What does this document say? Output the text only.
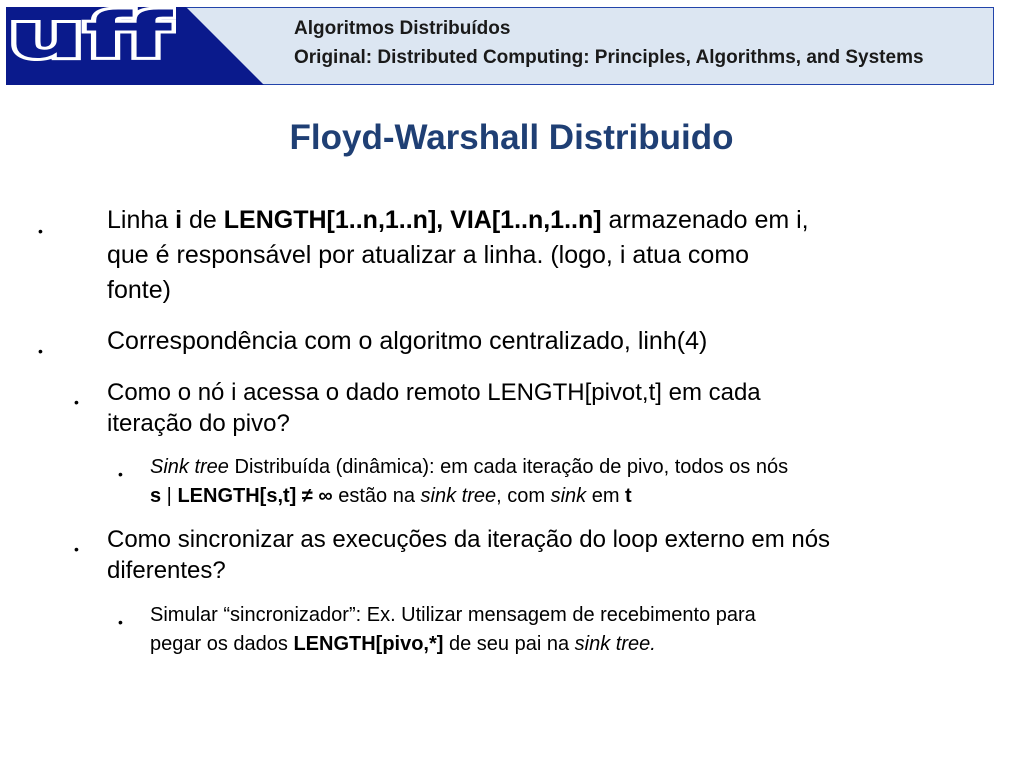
uff	Algoritmos Distribuídos
Original: Distributed Computing: Principles, Algorithms, and Systems
Floyd-Warshall Distribuido
•	Linha i de LENGTH[1..n,1..n], VIA[1..n,1..n] armazenado em i,
que é responsável por atualizar a linha. (logo, i atua como
fonte)
•	Correspondência com o algoritmo centralizado, linh(4)
• Como o nó i acessa o dado remoto LENGTH[pivot,t] em cada
iteração do pivo?
• Sink tree Distribuída (dinâmica): em cada iteração de pivo, todos os nós
s | LENGTH[s,t] ≠ ∞ estão na sink tree, com sink em t
• Como sincronizar as execuções da iteração do loop externo em nós
diferentes?
• Simular “sincronizador”: Ex. Utilizar mensagem de recebimento para
pegar os dados LENGTH[pivo,*] de seu pai na sink tree.
